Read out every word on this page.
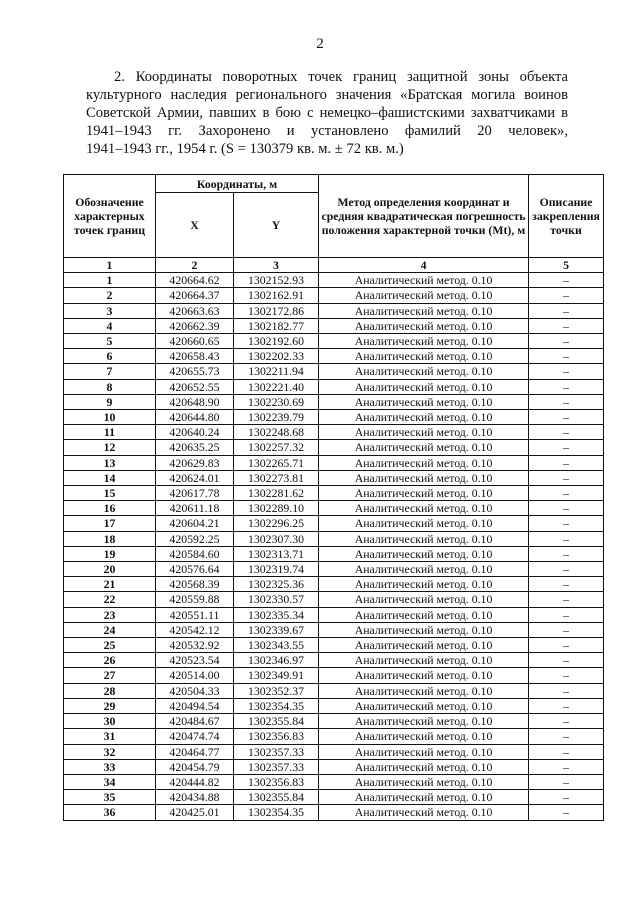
2

2. Координаты поворотных точек границ защитной зоны объекта

культурного наследия регионального значения «Братская могила воинов

Советской Армии, павших в бою с немецко–фашистскими захватчиками в

1941–1943 гг. Захоронено и установлено фамилий 20 человек»,

1941–1943 гг., 1954 г. (S = 130379 кв. м. ± 72 кв. м.)

Обозначение характерных точек границ	Координаты, м		Метод определения координат и средняя квадратическая погрешность положения характерной точки (Mt), м	Описание закрепления точки
	X	Y		
1	2	3	4	5
1	420664.62	1302152.93	Аналитический метод. 0.10	–
2	420664.37	1302162.91	Аналитический метод. 0.10	–
3	420663.63	1302172.86	Аналитический метод. 0.10	–
4	420662.39	1302182.77	Аналитический метод. 0.10	–
5	420660.65	1302192.60	Аналитический метод. 0.10	–
6	420658.43	1302202.33	Аналитический метод. 0.10	–
7	420655.73	1302211.94	Аналитический метод. 0.10	–
8	420652.55	1302221.40	Аналитический метод. 0.10	–
9	420648.90	1302230.69	Аналитический метод. 0.10	–
10	420644.80	1302239.79	Аналитический метод. 0.10	–
11	420640.24	1302248.68	Аналитический метод. 0.10	–
12	420635.25	1302257.32	Аналитический метод. 0.10	–
13	420629.83	1302265.71	Аналитический метод. 0.10	–
14	420624.01	1302273.81	Аналитический метод. 0.10	–
15	420617.78	1302281.62	Аналитический метод. 0.10	–
16	420611.18	1302289.10	Аналитический метод. 0.10	–
17	420604.21	1302296.25	Аналитический метод. 0.10	–
18	420592.25	1302307.30	Аналитический метод. 0.10	–
19	420584.60	1302313.71	Аналитический метод. 0.10	–
20	420576.64	1302319.74	Аналитический метод. 0.10	–
21	420568.39	1302325.36	Аналитический метод. 0.10	–
22	420559.88	1302330.57	Аналитический метод. 0.10	–
23	420551.11	1302335.34	Аналитический метод. 0.10	–
24	420542.12	1302339.67	Аналитический метод. 0.10	–
25	420532.92	1302343.55	Аналитический метод. 0.10	–
26	420523.54	1302346.97	Аналитический метод. 0.10	–
27	420514.00	1302349.91	Аналитический метод. 0.10	–
28	420504.33	1302352.37	Аналитический метод. 0.10	–
29	420494.54	1302354.35	Аналитический метод. 0.10	–
30	420484.67	1302355.84	Аналитический метод. 0.10	–
31	420474.74	1302356.83	Аналитический метод. 0.10	–
32	420464.77	1302357.33	Аналитический метод. 0.10	–
33	420454.79	1302357.33	Аналитический метод. 0.10	–
34	420444.82	1302356.83	Аналитический метод. 0.10	–
35	420434.88	1302355.84	Аналитический метод. 0.10	–
36	420425.01	1302354.35	Аналитический метод. 0.10	–
